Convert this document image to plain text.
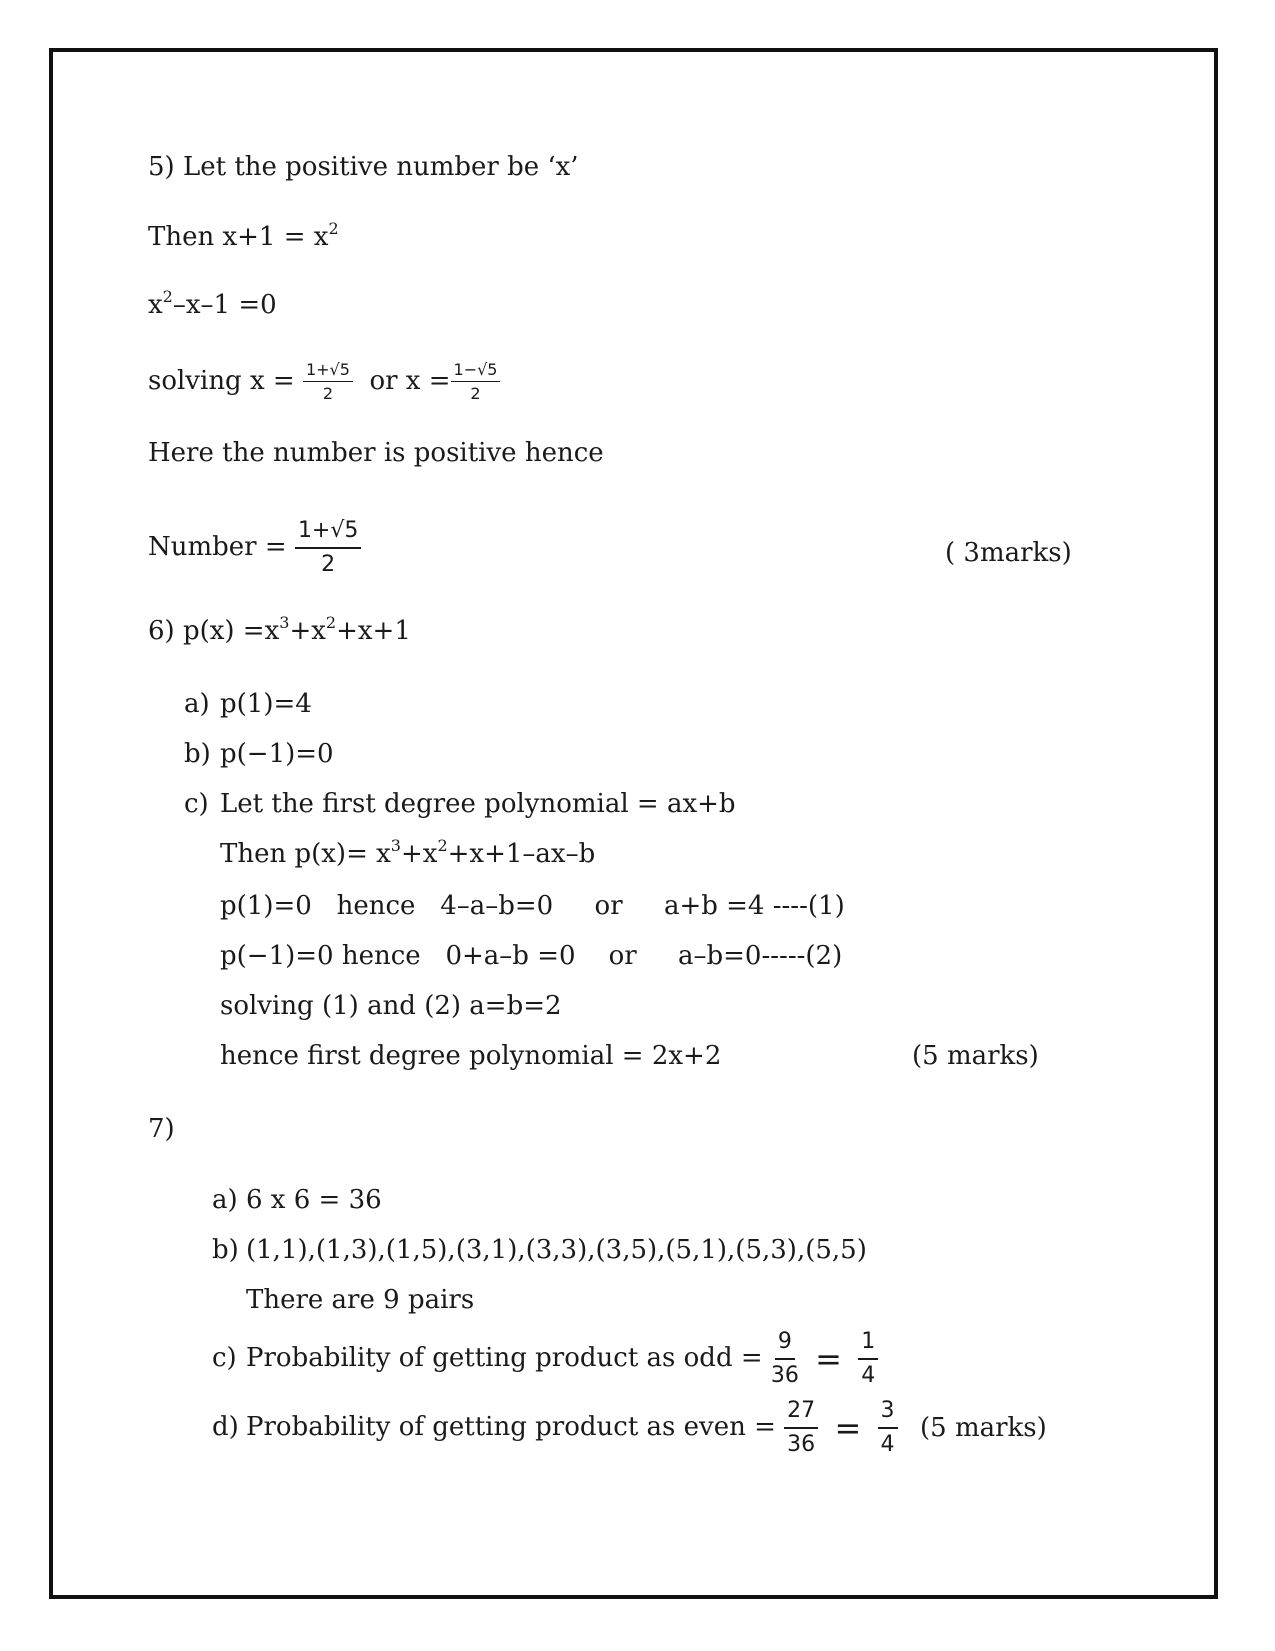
5) Let the positive number be ‘x’
Then $x+1 = x^2$
$x^2-x-1 =0$
solving $x = \frac{1+√5}{2}$ or $x = \frac{1-√5}{2}$
Here the number is positive hence
Number = $\frac{1+√5}{2}$	( 3marks)
6) $p(x) =x^3+x^2+x+1$
a) p(1)=4
b) p(−1)=0
c) Let the first degree polynomial = ax+b
Then $p(x)= x^3+x^2+x+1-ax-b$
p(1)=0   hence   4–a–b=0     or     a+b =4 ----(1)
p(−1)=0 hence   0+a–b =0    or     a–b=0-----(2)
solving (1) and (2) a=b=2
hence first degree polynomial = 2x+2	(5 marks)
7)
a) 6 x 6 = 36
b) (1,1),(1,3),(1,5),(3,1),(3,3),(3,5),(5,1),(5,3),(5,5)
There are 9 pairs
c) Probability of getting product as odd = $\frac{9}{36} = \frac{1}{4}$
d) Probability of getting product as even = $\frac{27}{36} = \frac{3}{4} (5$ marks)
